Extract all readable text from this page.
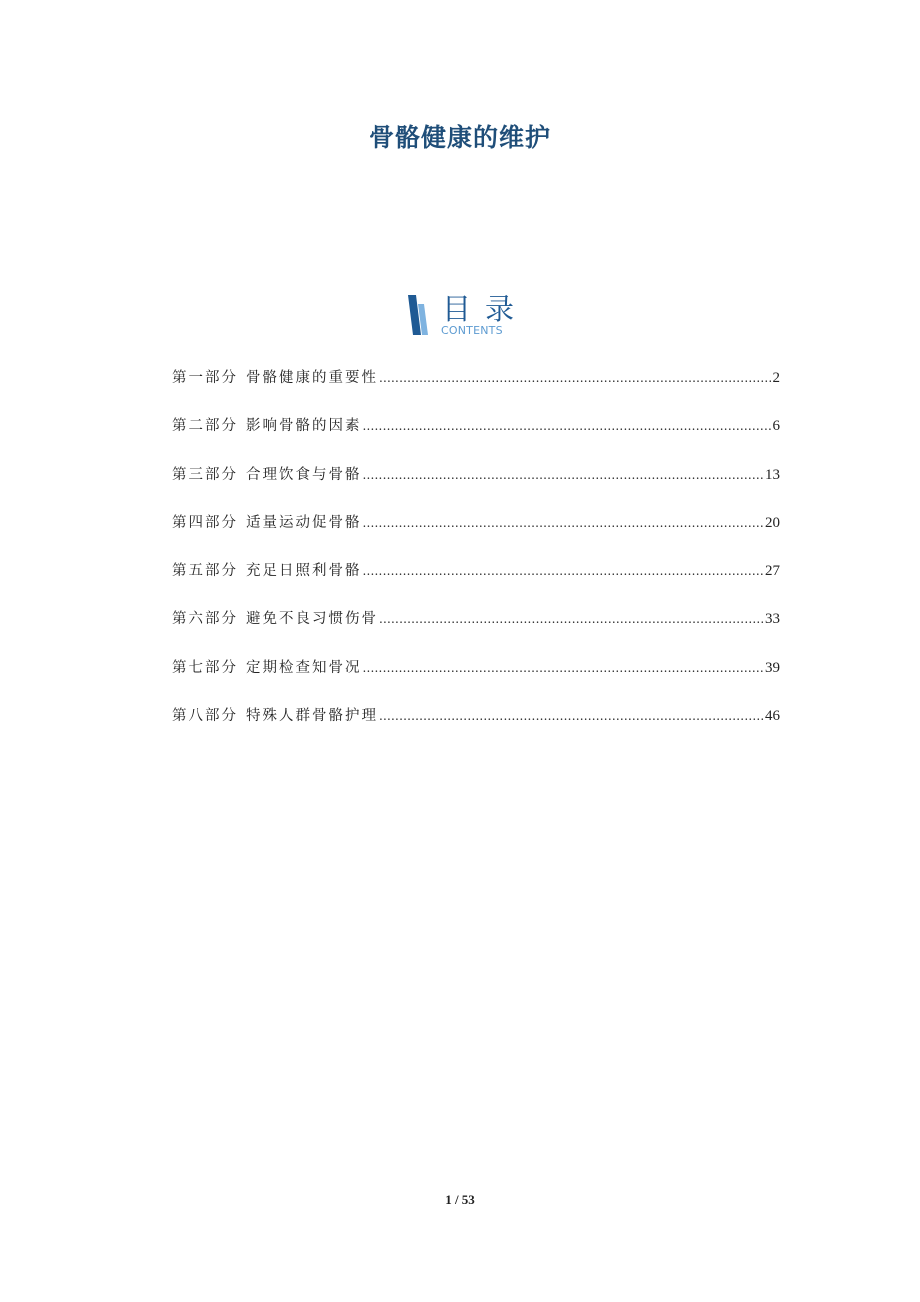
骨骼健康的维护
目录
CONTENTS
第一部分 骨骼健康的重要性 .....	2
第二部分 影响骨骼的因素 .....	6
第三部分 合理饮食与骨骼 .....	13
第四部分 适量运动促骨骼 .....	20
第五部分 充足日照利骨骼 .....	27
第六部分 避免不良习惯伤骨 .....	33
第七部分 定期检查知骨况 .....	39
第八部分 特殊人群骨骼护理 .....	46
1 / 53
